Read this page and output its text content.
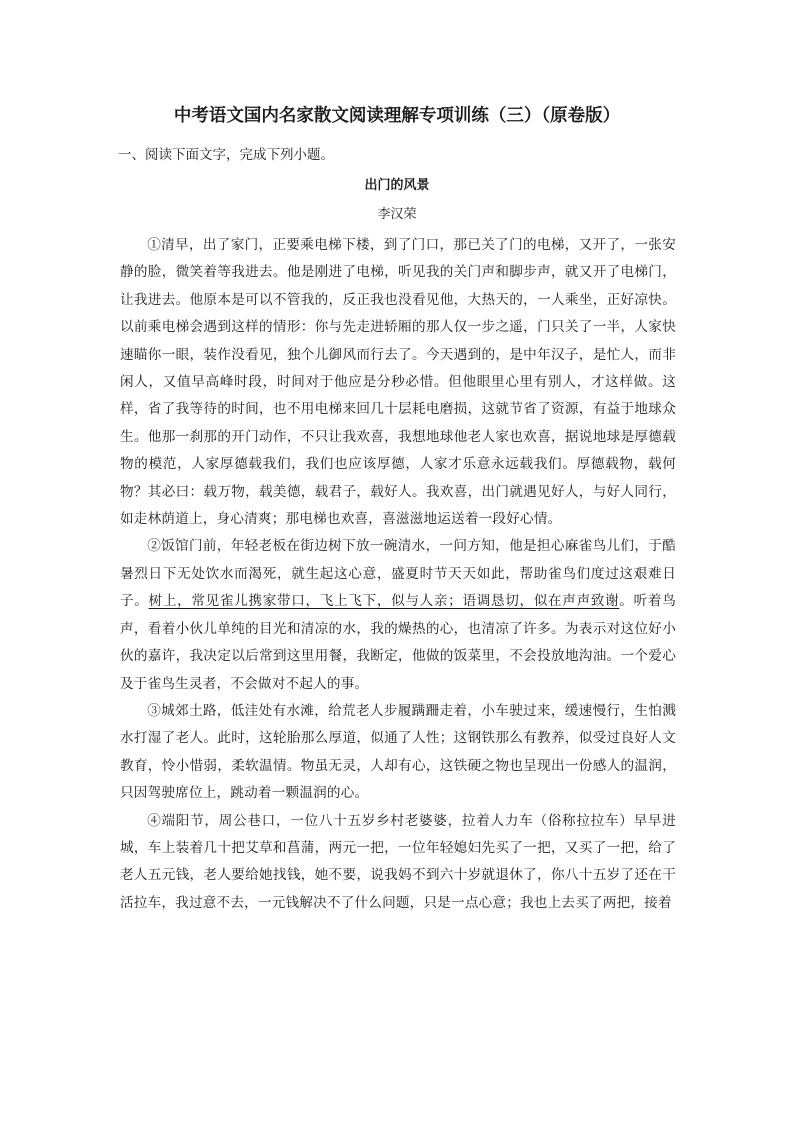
中考语文国内名家散文阅读理解专项训练（三）（原卷版）

一、阅读下面文字，完成下列小题。

出门的风景

李汉荣

①清早，出了家门，正要乘电梯下楼，到了门口，那已关了门的电梯，又开了，一张安静的脸，微笑着等我进去。他是刚进了电梯，听见我的关门声和脚步声，就又开了电梯门，让我进去。他原本是可以不管我的，反正我也没看见他，大热天的，一人乘坐，正好凉快。以前乘电梯会遇到这样的情形：你与先走进轿厢的那人仅一步之遥，门只关了一半，人家快速瞄你一眼，装作没看见，独个儿御风而行去了。今天遇到的，是中年汉子，是忙人，而非闲人，又值早高峰时段，时间对于他应是分秒必惜。但他眼里心里有别人，才这样做。这样，省了我等待的时间，也不用电梯来回几十层耗电磨损，这就节省了资源，有益于地球众生。他那一刹那的开门动作，不只让我欢喜，我想地球他老人家也欢喜，据说地球是厚德载物的模范，人家厚德载我们，我们也应该厚德，人家才乐意永远载我们。厚德载物，载何物？其必曰：载万物，载美德，载君子，载好人。我欢喜，出门就遇见好人，与好人同行，如走林荫道上，身心清爽；那电梯也欢喜，喜滋滋地运送着一段好心情。

②饭馆门前，年轻老板在街边树下放一碗清水，一问方知，他是担心麻雀鸟儿们，于酷暑烈日下无处饮水而渴死，就生起这心意，盛夏时节天天如此，帮助雀鸟们度过这艰难日子。树上，常见雀儿携家带口，飞上飞下，似与人亲；语调恳切，似在声声致谢。听着鸟声，看着小伙儿单纯的目光和清凉的水，我的燥热的心，也清凉了许多。为表示对这位好小伙的嘉许，我决定以后常到这里用餐，我断定，他做的饭菜里，不会投放地沟油。一个爱心及于雀鸟生灵者，不会做对不起人的事。

③城郊土路，低洼处有水滩，给荒老人步履蹒跚走着，小车驶过来，缓速慢行，生怕溅水打湿了老人。此时，这轮胎那么厚道，似通了人性；这钢铁那么有教养，似受过良好人文教育，怜小惜弱，柔软温情。物虽无灵，人却有心，这铁硬之物也呈现出一份感人的温润，只因驾驶席位上，跳动着一颗温润的心。

④端阳节，周公巷口，一位八十五岁乡村老婆婆，拉着人力车（俗称拉拉车）早早进城，车上装着几十把艾草和菖蒲，两元一把，一位年轻媳妇先买了一把，又买了一把，给了老人五元钱，老人要给她找钱，她不要，说我妈不到六十岁就退休了，你八十五岁了还在干活拉车，我过意不去，一元钱解决不了什么问题，只是一点心意；我也上去买了两把，接着
